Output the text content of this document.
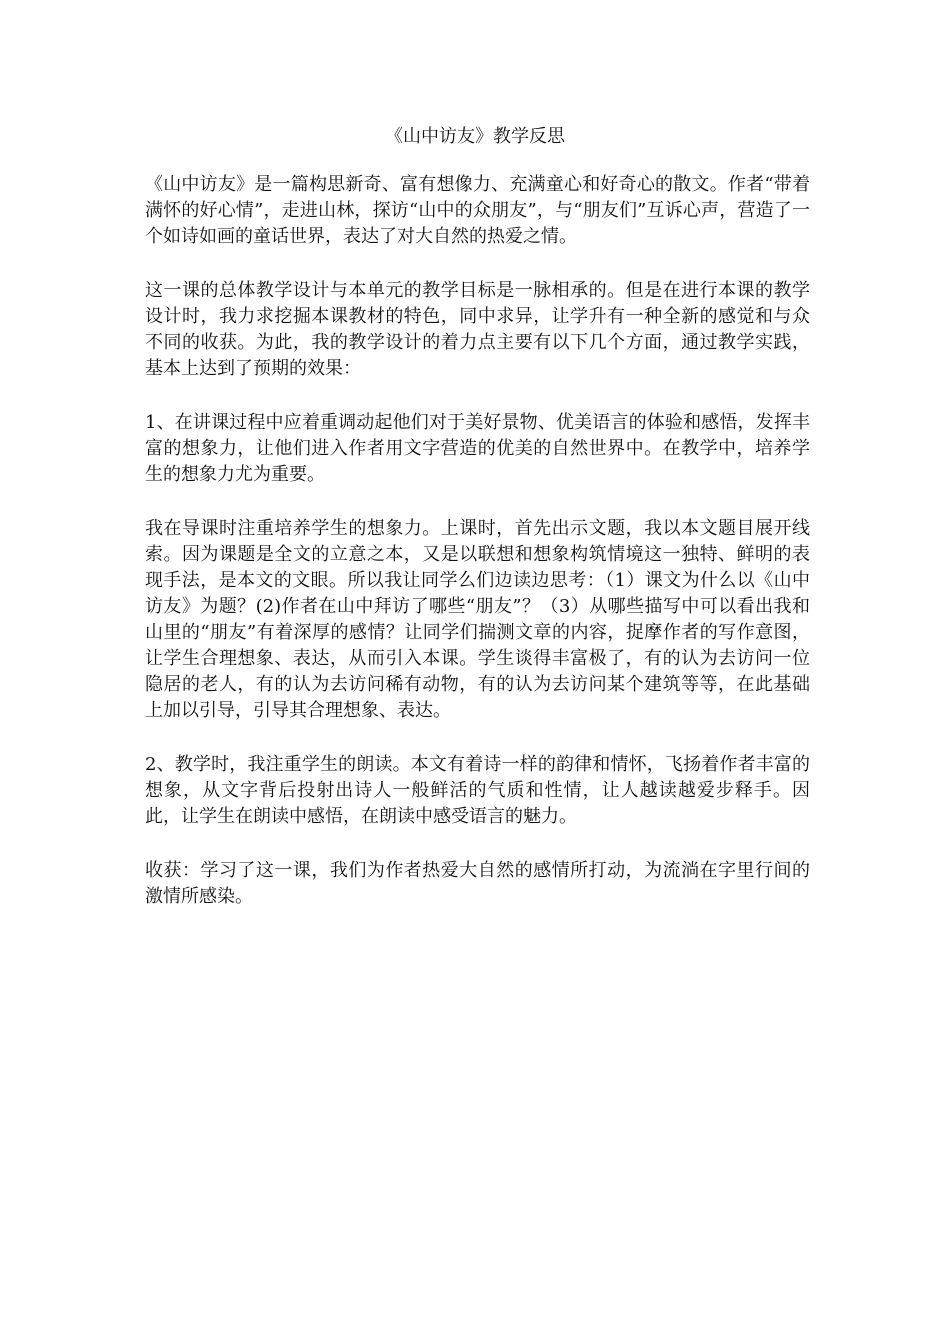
《山中访友》教学反思

《山中访友》是一篇构思新奇、富有想像力、充满童心和好奇心的散文。作者“带着满怀的好心情”，走进山林，探访“山中的众朋友”，与“朋友们”互诉心声，营造了一个如诗如画的童话世界，表达了对大自然的热爱之情。

这一课的总体教学设计与本单元的教学目标是一脉相承的。但是在进行本课的教学设计时，我力求挖掘本课教材的特色，同中求异，让学升有一种全新的感觉和与众不同的收获。为此，我的教学设计的着力点主要有以下几个方面，通过教学实践，基本上达到了预期的效果：

1、在讲课过程中应着重调动起他们对于美好景物、优美语言的体验和感悟，发挥丰富的想象力，让他们进入作者用文字营造的优美的自然世界中。在教学中，培养学生的想象力尤为重要。

我在导课时注重培养学生的想象力。上课时，首先出示文题，我以本文题目展开线索。因为课题是全文的立意之本，又是以联想和想象构筑情境这一独特、鲜明的表现手法，是本文的文眼。所以我让同学么们边读边思考：（1）课文为什么以《山中访友》为题？(2)作者在山中拜访了哪些“朋友”？（3）从哪些描写中可以看出我和山里的“朋友”有着深厚的感情？让同学们揣测文章的内容，捉摩作者的写作意图，让学生合理想象、表达，从而引入本课。学生谈得丰富极了，有的认为去访问一位隐居的老人，有的认为去访问稀有动物，有的认为去访问某个建筑等等，在此基础上加以引导，引导其合理想象、表达。

2、教学时，我注重学生的朗读。本文有着诗一样的韵律和情怀，飞扬着作者丰富的想象，从文字背后投射出诗人一般鲜活的气质和性情，让人越读越爱步释手。因此，让学生在朗读中感悟，在朗读中感受语言的魅力。

收获：学习了这一课，我们为作者热爱大自然的感情所打动，为流淌在字里行间的激情所感染。
